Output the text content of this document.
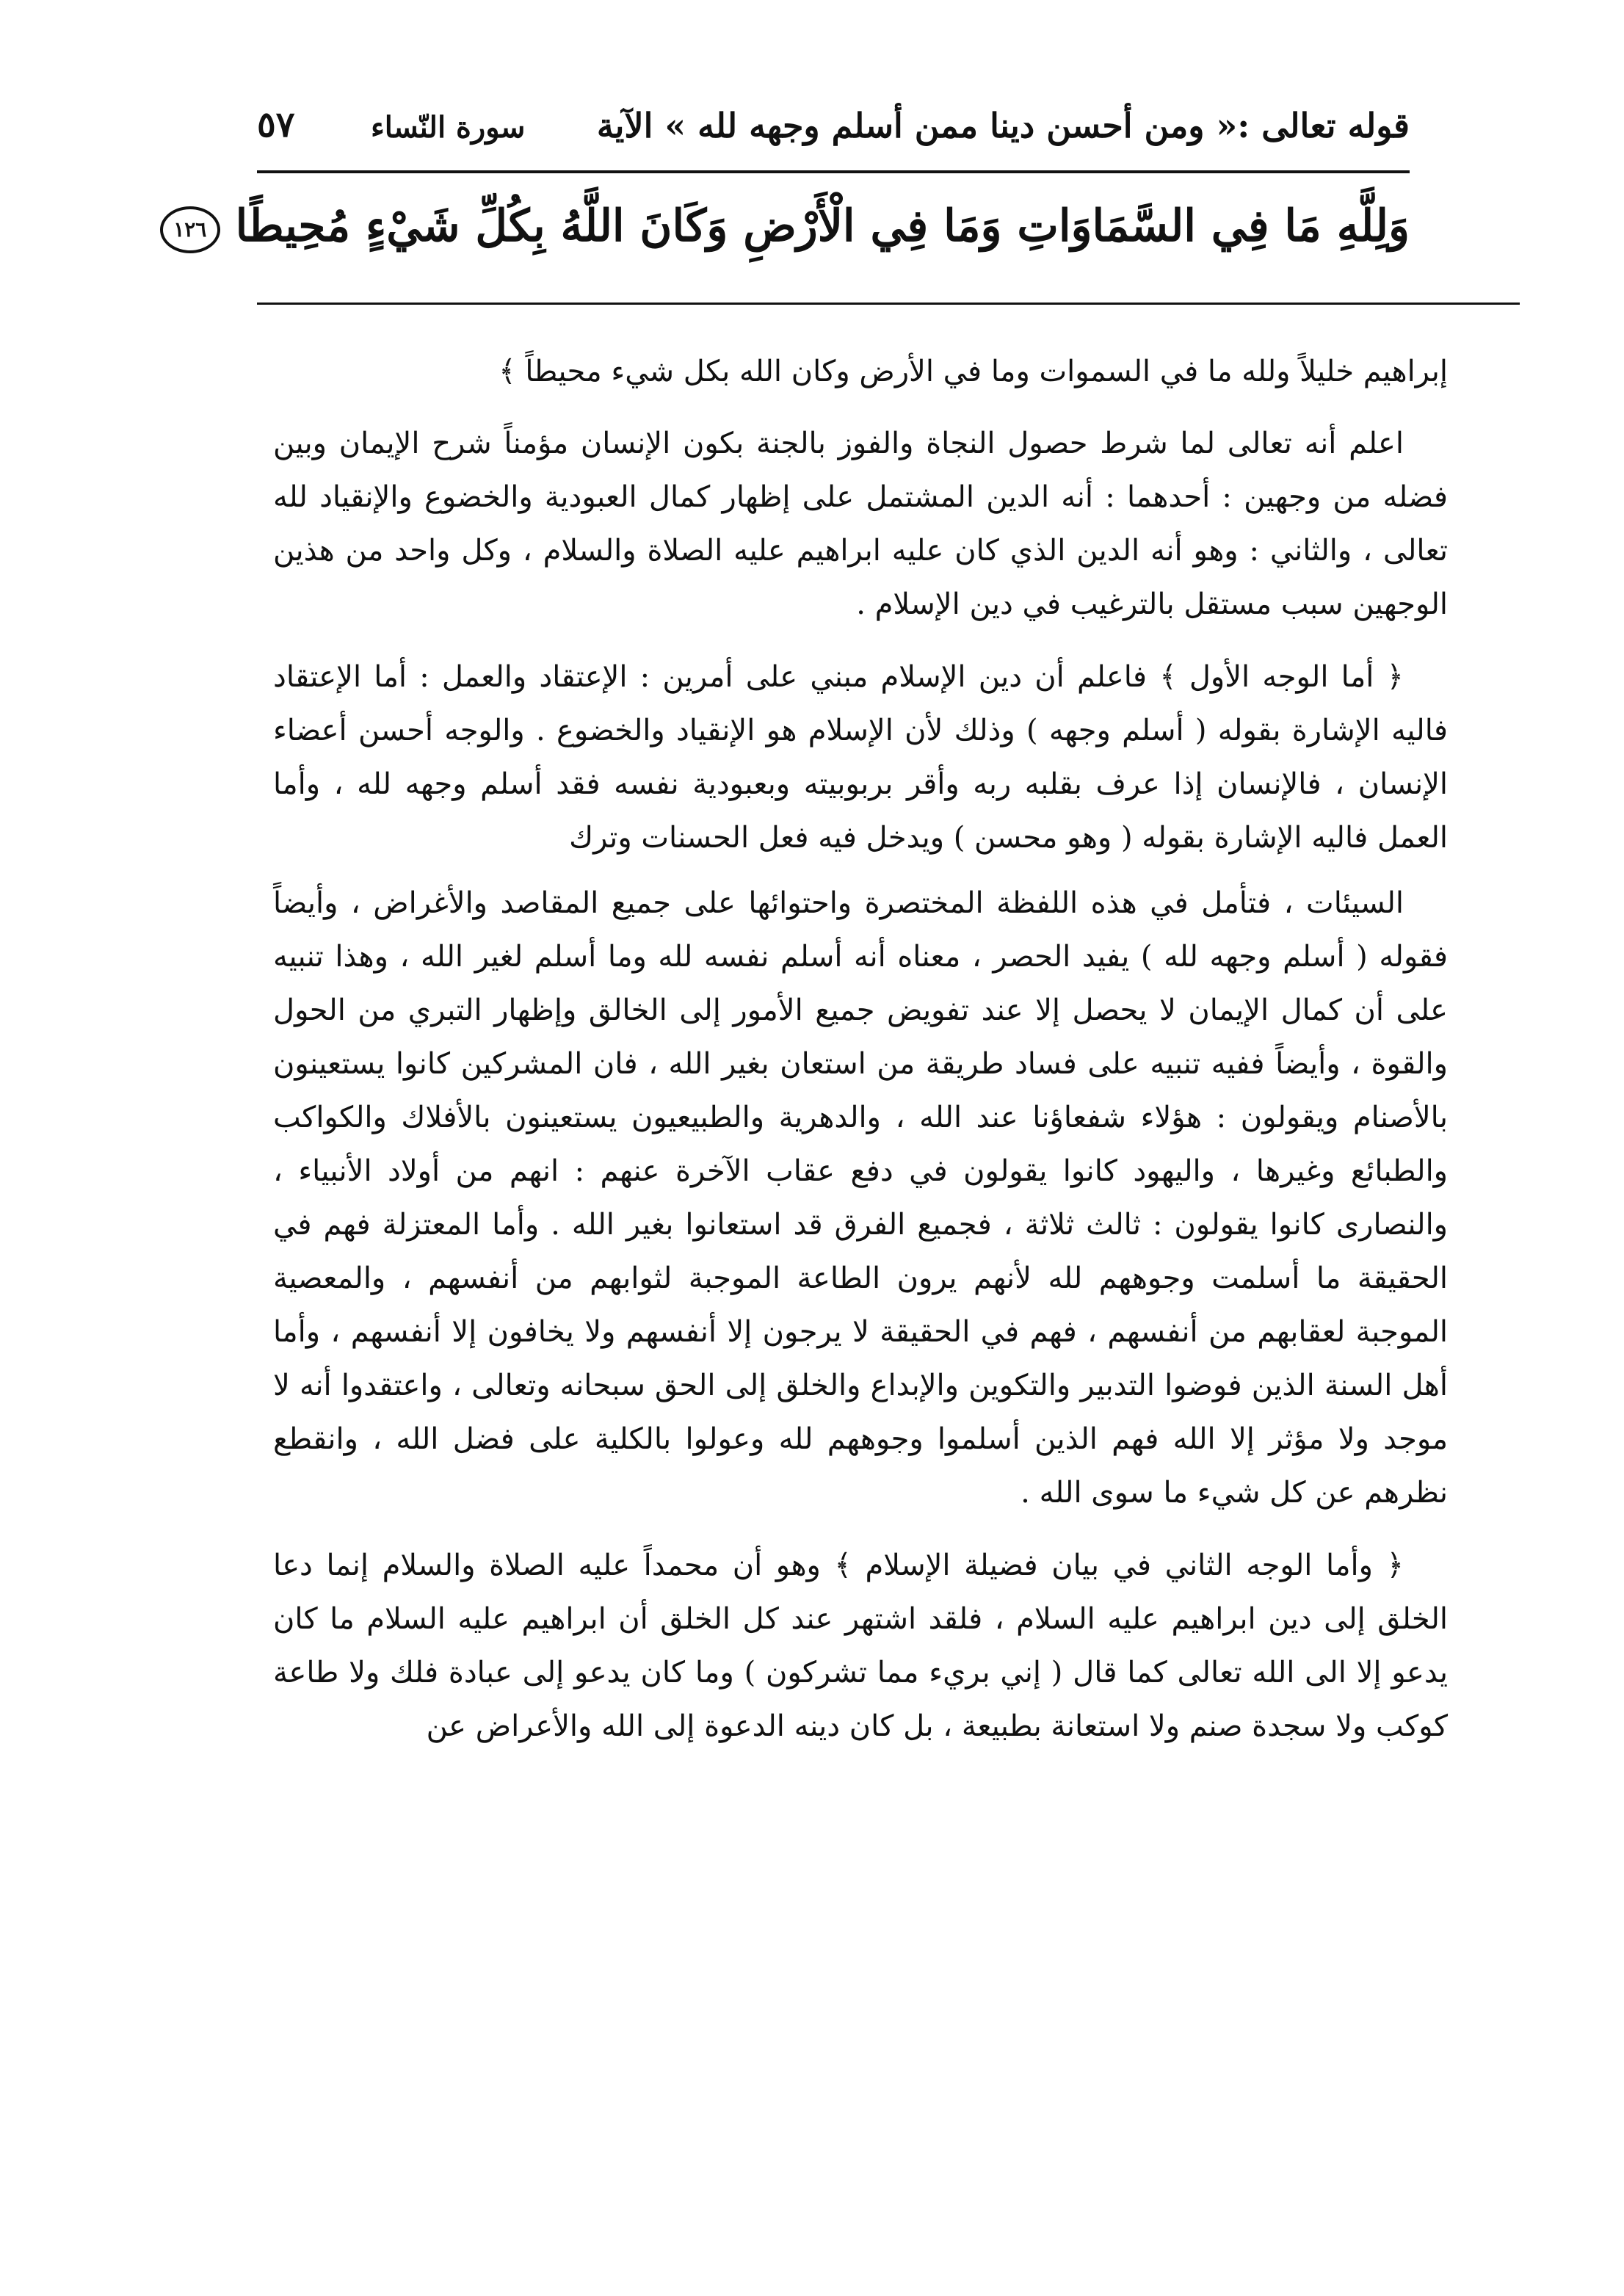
قوله تعالى :« ومن أحسن دينا ممن أسلم وجهه لله » الآية
سورة النّساء
٥٧
وَلِلَّهِ مَا فِي السَّمَاوَاتِ وَمَا فِي الْأَرْضِ وَكَانَ اللَّهُ بِكُلِّ شَيْءٍ مُحِيطًا ١٢٦

إبراهيم خليلاً ولله ما في السموات وما في الأرض وكان الله بكل شيء محيطاً ﴾

اعلم أنه تعالى لما شرط حصول النجاة والفوز بالجنة بكون الإنسان مؤمناً شرح الإيمان وبين فضله من وجهين : أحدهما : أنه الدين المشتمل على إظهار كمال العبودية والخضوع والإنقياد لله تعالى ، والثاني : وهو أنه الدين الذي كان عليه ابراهيم عليه الصلاة والسلام ، وكل واحد من هذين الوجهين سبب مستقل بالترغيب في دين الإسلام .

﴿ أما الوجه الأول ﴾ فاعلم أن دين الإسلام مبني على أمرين : الإعتقاد والعمل : أما الإعتقاد فاليه الإشارة بقوله ( أسلم وجهه ) وذلك لأن الإسلام هو الإنقياد والخضوع . والوجه أحسن أعضاء الإنسان ، فالإنسان إذا عرف بقلبه ربه وأقر بربوبيته وبعبودية نفسه فقد أسلم وجهه لله ، وأما العمل فاليه الإشارة بقوله ( وهو محسن ) ويدخل فيه فعل الحسنات وترك

السيئات ، فتأمل في هذه اللفظة المختصرة واحتوائها على جميع المقاصد والأغراض ، وأيضاً فقوله ( أسلم وجهه لله ) يفيد الحصر ، معناه أنه أسلم نفسه لله وما أسلم لغير الله ، وهذا تنبيه على أن كمال الإيمان لا يحصل إلا عند تفويض جميع الأمور إلى الخالق وإظهار التبري من الحول والقوة ، وأيضاً ففيه تنبيه على فساد طريقة من استعان بغير الله ، فان المشركين كانوا يستعينون بالأصنام ويقولون : هؤلاء شفعاؤنا عند الله ، والدهرية والطبيعيون يستعينون بالأفلاك والكواكب والطبائع وغيرها ، واليهود كانوا يقولون في دفع عقاب الآخرة عنهم : انهم من أولاد الأنبياء ، والنصارى كانوا يقولون : ثالث ثلاثة ، فجميع الفرق قد استعانوا بغير الله . وأما المعتزلة فهم في الحقيقة ما أسلمت وجوههم لله لأنهم يرون الطاعة الموجبة لثوابهم من أنفسهم ، والمعصية الموجبة لعقابهم من أنفسهم ، فهم في الحقيقة لا يرجون إلا أنفسهم ولا يخافون إلا أنفسهم ، وأما أهل السنة الذين فوضوا التدبير والتكوين والإبداع والخلق إلى الحق سبحانه وتعالى ، واعتقدوا أنه لا موجد ولا مؤثر إلا الله فهم الذين أسلموا وجوههم لله وعولوا بالكلية على فضل الله ، وانقطع نظرهم عن كل شيء ما سوى الله .

﴿ وأما الوجه الثاني في بيان فضيلة الإسلام ﴾ وهو أن محمداً عليه الصلاة والسلام إنما دعا الخلق إلى دين ابراهيم عليه السلام ، فلقد اشتهر عند كل الخلق أن ابراهيم عليه السلام ما كان يدعو إلا الى الله تعالى كما قال ( إني بريء مما تشركون ) وما كان يدعو إلى عبادة فلك ولا طاعة كوكب ولا سجدة صنم ولا استعانة بطبيعة ، بل كان دينه الدعوة إلى الله والأعراض عن
